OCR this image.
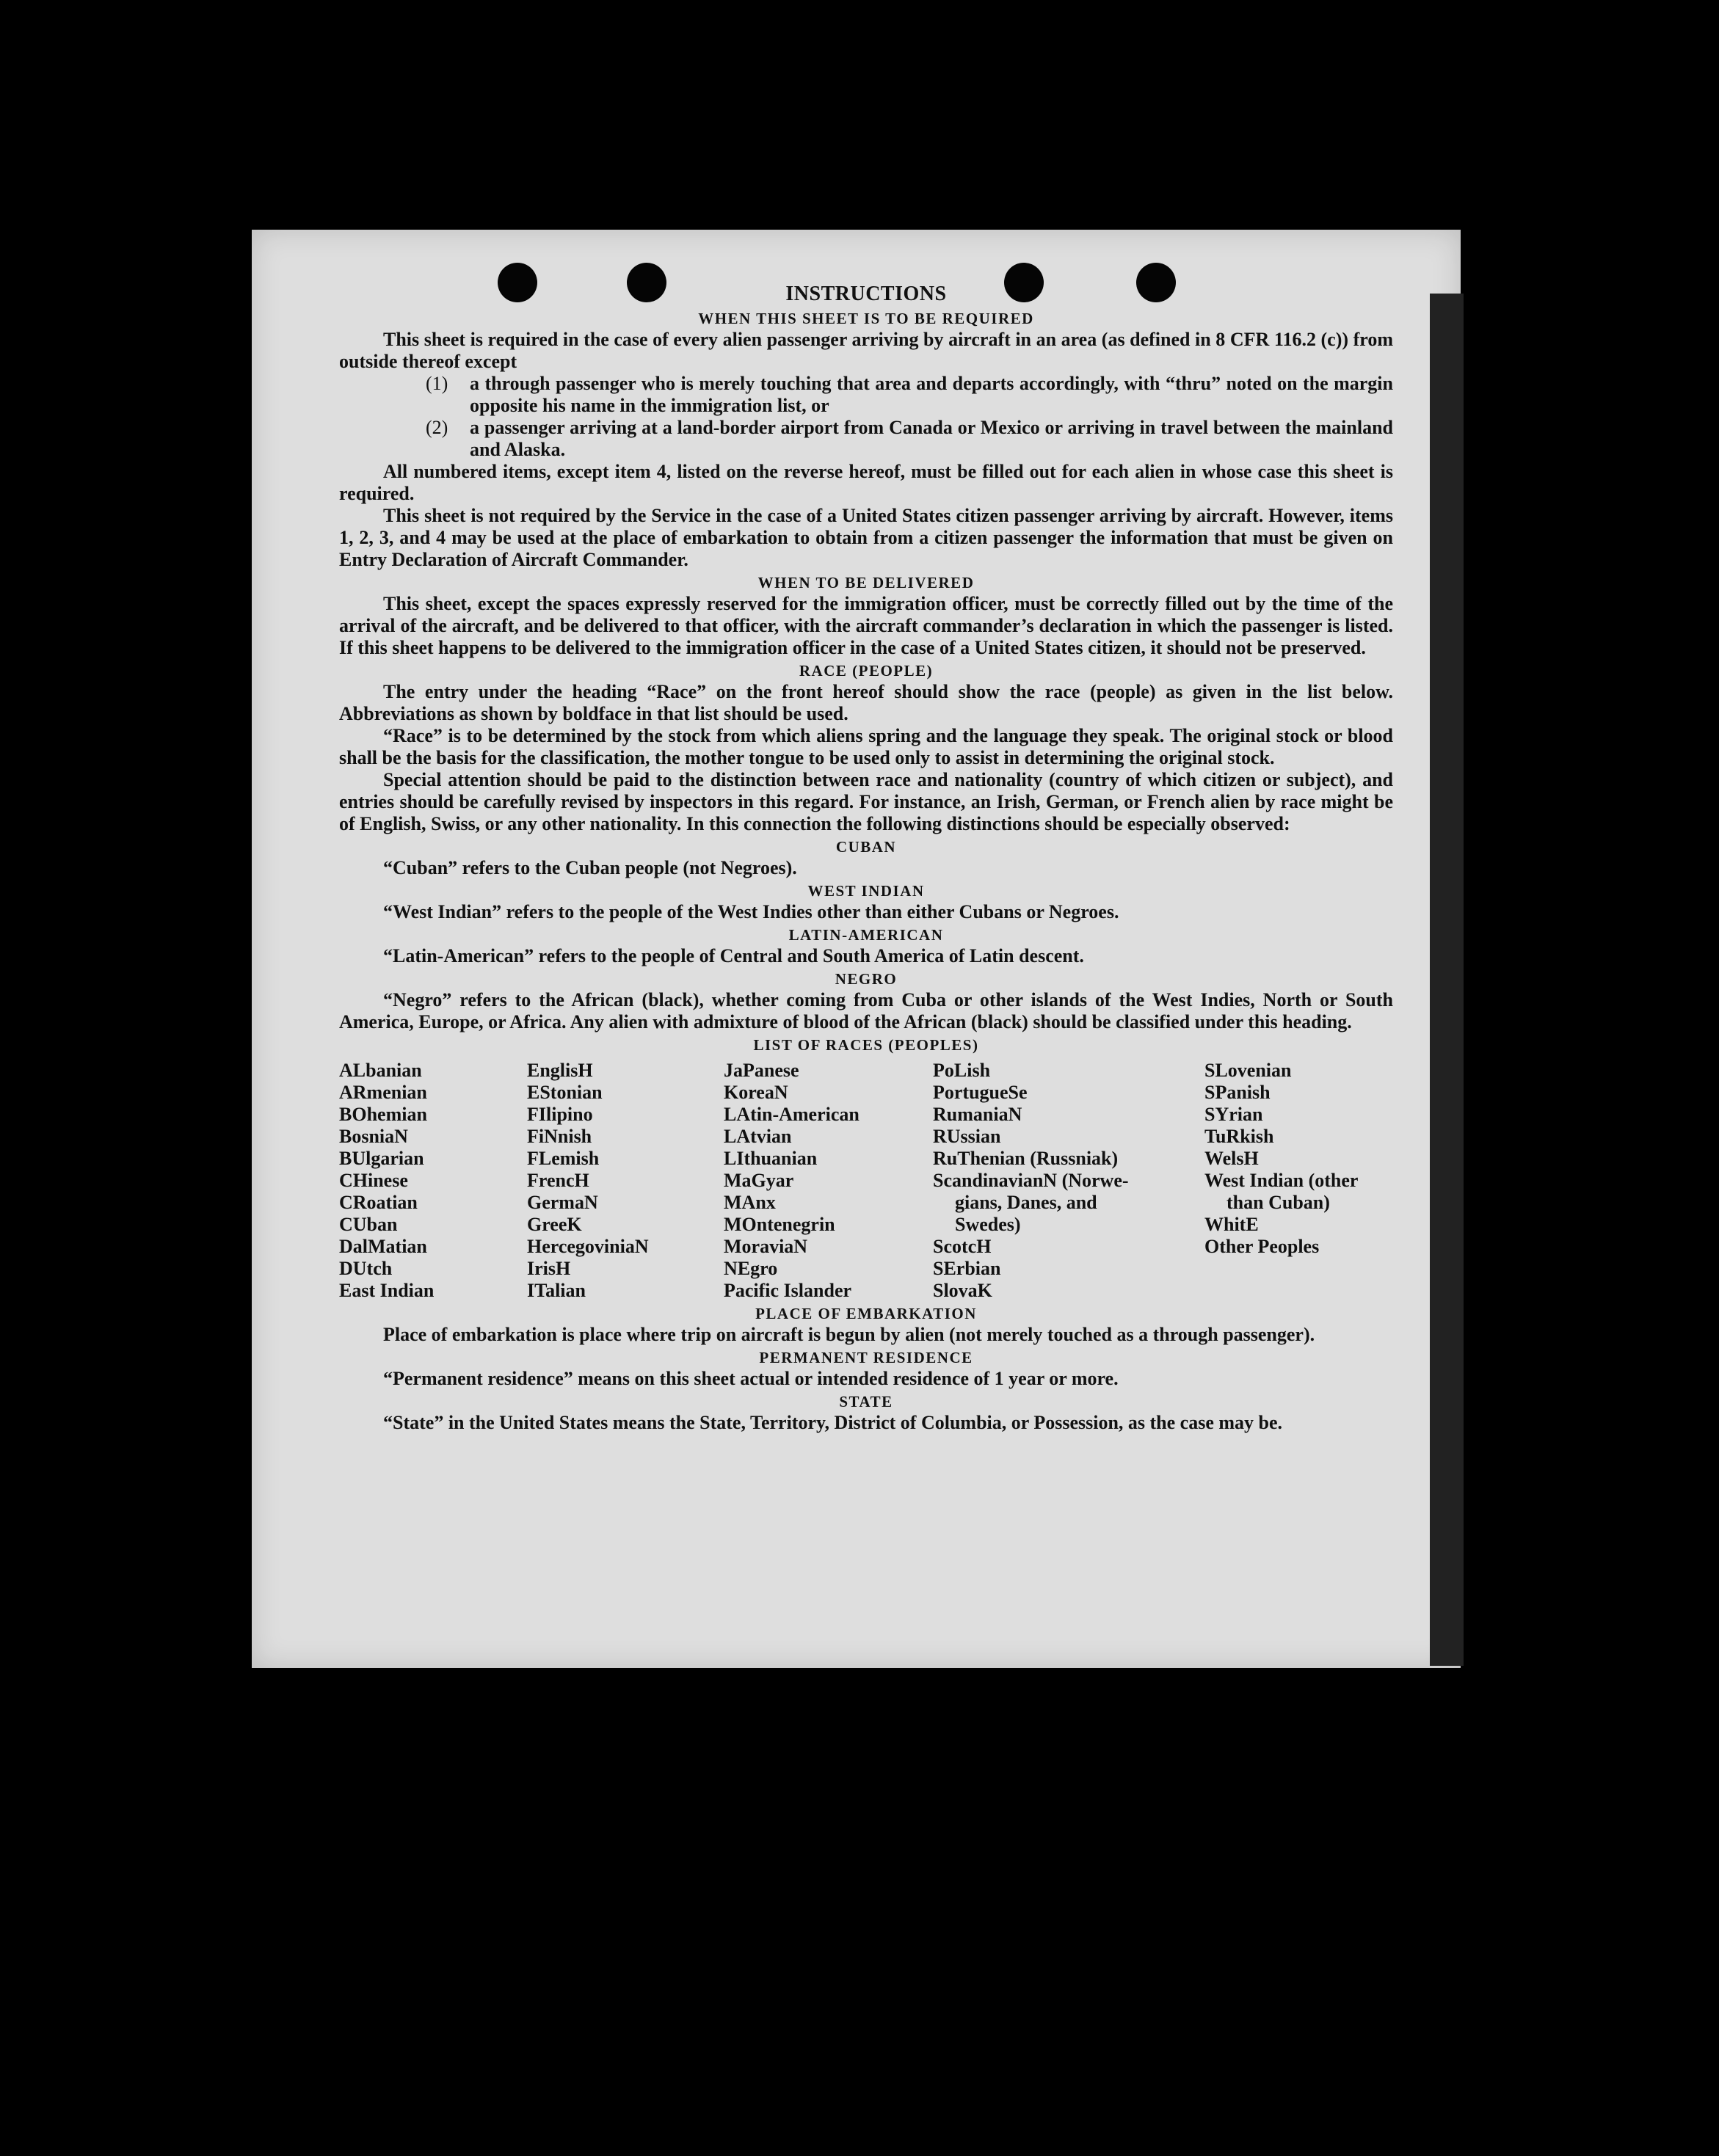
INSTRUCTIONS
WHEN THIS SHEET IS TO BE REQUIRED

This sheet is required in the case of every alien passenger arriving by aircraft in an area (as defined in 8 CFR 116.2 (c)) from outside thereof except

(1)	a through passenger who is merely touching that area and departs accordingly, with “thru” noted on the margin opposite his name in the immigration list, or

(2)	a passenger arriving at a land-border airport from Canada or Mexico or arriving in travel between the mainland and Alaska.

All numbered items, except item 4, listed on the reverse hereof, must be filled out for each alien in whose case this sheet is required.

This sheet is not required by the Service in the case of a United States citizen passenger arriving by aircraft. However, items 1, 2, 3, and 4 may be used at the place of embarkation to obtain from a citizen passenger the information that must be given on Entry Declaration of Aircraft Commander.

WHEN TO BE DELIVERED

This sheet, except the spaces expressly reserved for the immigration officer, must be correctly filled out by the time of the arrival of the aircraft, and be delivered to that officer, with the aircraft commander’s declaration in which the passenger is listed. If this sheet happens to be delivered to the immigration officer in the case of a United States citizen, it should not be preserved.

RACE (PEOPLE)

The entry under the heading “Race” on the front hereof should show the race (people) as given in the list below. Abbreviations as shown by boldface in that list should be used.

“Race” is to be determined by the stock from which aliens spring and the language they speak. The original stock or blood shall be the basis for the classification, the mother tongue to be used only to assist in determining the original stock.

Special attention should be paid to the distinction between race and nationality (country of which citizen or subject), and entries should be carefully revised by inspectors in this regard. For instance, an Irish, German, or French alien by race might be of English, Swiss, or any other nationality. In this connection the following distinctions should be especially observed:

CUBAN

“Cuban” refers to the Cuban people (not Negroes).

WEST INDIAN

“West Indian” refers to the people of the West Indies other than either Cubans or Negroes.

LATIN-AMERICAN

“Latin-American” refers to the people of Central and South America of Latin descent.

NEGRO

“Negro” refers to the African (black), whether coming from Cuba or other islands of the West Indies, North or South America, Europe, or Africa. Any alien with admixture of blood of the African (black) should be classified under this heading.

LIST OF RACES (PEOPLES)
ALbanian
ARmenian
BOhemian
BosniaN
BUlgarian
CHinese
CRoatian
CUban
DalMatian
DUtch
East Indian
EnglisH
EStonian
FIlipino
FiNnish
FLemish
FrencH
GermaN
GreeK
HercegoviniaN
IrisH
ITalian
JaPanese
KoreaN
LAtin-American
LAtvian
LIthuanian
MaGyar
MAnx
MOntenegrin
MoraviaN
NEgro
Pacific Islander
PoLish
PortugueSe
RumaniaN
RUssian
RuThenian (Russniak)
ScandinavianN (Norwe-
gians, Danes, and
Swedes)
ScotcH
SErbian
SlovaK
SLovenian
SPanish
SYrian
TuRkish
WelsH
West Indian (other
than Cuban)
WhitE
Other Peoples
PLACE OF EMBARKATION

Place of embarkation is place where trip on aircraft is begun by alien (not merely touched as a through passenger).

PERMANENT RESIDENCE

“Permanent residence” means on this sheet actual or intended residence of 1 year or more.

STATE

“State” in the United States means the State, Territory, District of Columbia, or Possession, as the case may be.
